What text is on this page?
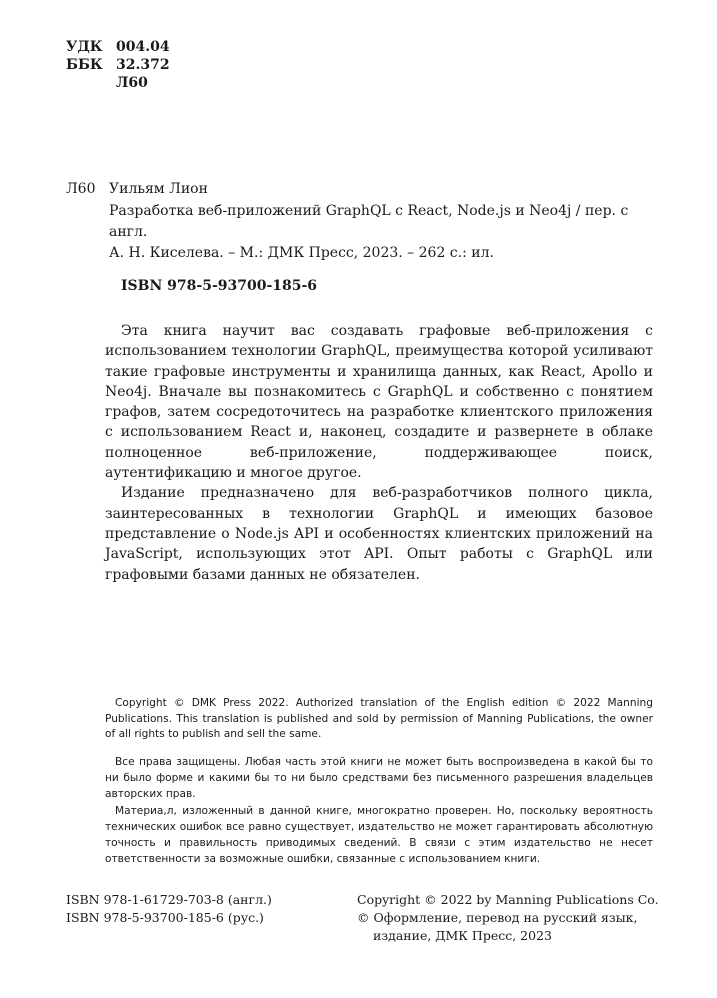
УДК 004.04
ББК 32.372
Л60
Л60 Уильям Лион
Разработка веб-приложений GraphQL с React, Node.js и Neo4j / пер. с англ.
А. Н. Киселева. – М.: ДМК Пресс, 2023. – 262 с.: ил.
ISBN 978-5-93700-185-6

Эта книга научит вас создавать графовые веб-приложения с использованием технологии GraphQL, преимущества которой усиливают такие графовые инструменты и хранилища данных, как React, Apollo и Neo4j. Вначале вы познакомитесь с GraphQL и собственно с понятием графов, затем сосредоточитесь на разработке клиентского приложения с использованием React и, наконец, создадите и развернете в облаке полноценное веб-приложение, поддерживающее поиск, аутентификацию и многое другое.

Издание предназначено для веб-разработчиков полного цикла, заинтересованных в технологии GraphQL и имеющих базовое представление о Node.js API и особенностях клиентских приложений на JavaScript, использующих этот API. Опыт работы с GraphQL или графовыми базами данных не обязателен.

Copyright © DMK Press 2022. Authorized translation of the English edition © 2022 Manning Publications. This translation is published and sold by permission of Manning Publications, the owner of all rights to publish and sell the same.

Все права защищены. Любая часть этой книги не может быть воспроизведена в какой бы то ни было форме и какими бы то ни было средствами без письменного разрешения владельцев авторских прав.

Материа,л, изложенный в данной книге, многократно проверен. Но, поскольку вероятность технических ошибок все равно существует, издательство не может гарантировать абсолютную точность и правильность приводимых сведений. В связи с этим издательство не несет ответственности за возможные ошибки, связанные с использованием книги.

ISBN 978-1-61729-703-8 (англ.)
ISBN 978-5-93700-185-6 (рус.)
Copyright © 2022 by Manning Publications Co.
© Оформление, перевод на русский язык,
издание, ДМК Пресс, 2023
